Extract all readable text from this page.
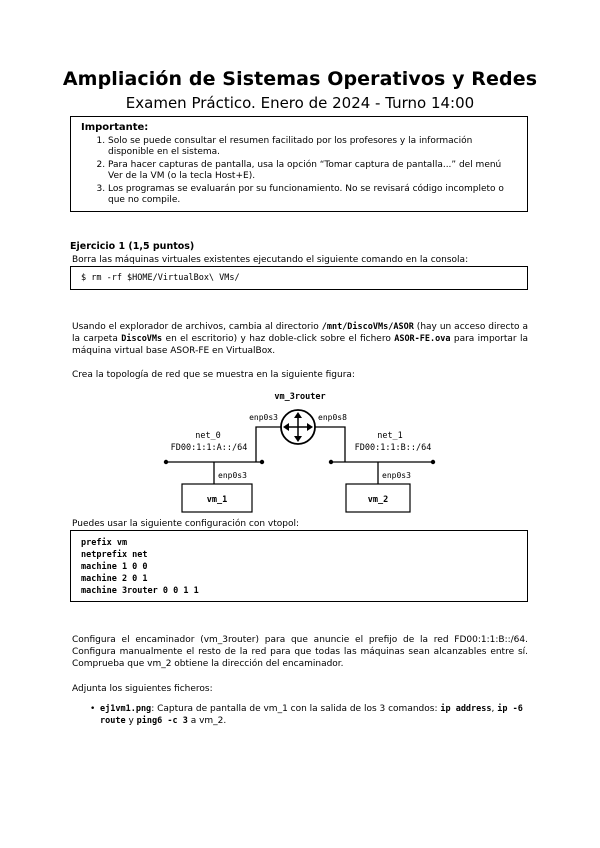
Ampliación de Sistemas Operativos y Redes
Examen Práctico. Enero de 2024 - Turno 14:00
Importante:
1. Solo se puede consultar el resumen facilitado por los profesores y la información disponible en el sistema.
2. Para hacer capturas de pantalla, usa la opción “Tomar captura de pantalla...” del menú Ver de la VM (o la tecla Host+E).
3. Los programas se evaluarán por su funcionamiento. No se revisará código incompleto o que no compile.
Ejercicio 1 (1,5 puntos)
Borra las máquinas virtuales existentes ejecutando el siguiente comando en la consola:
$ rm -rf $HOME/VirtualBox\ VMs/
Usando el explorador de archivos, cambia al directorio /mnt/DiscoVMs/ASOR (hay un acceso directo a la carpeta DiscoVMs en el escritorio) y haz doble-click sobre el fichero ASOR-FE.ova para importar la máquina virtual base ASOR-FE en VirtualBox.
Crea la topología de red que se muestra en la siguiente figura:
vm_3router
enp0s3	enp0s8
net_0
FD00:1:1:A::/64
net_1
FD00:1:1:B::/64
enp0s3
vm_1
enp0s3
vm_2
Puedes usar la siguiente configuración con vtopol:
prefix vm
netprefix net
machine 1 0 0
machine 2 0 1
machine 3router 0 0 1 1
Configura el encaminador (vm_3router) para que anuncie el prefijo de la red FD00:1:1:B::/64. Configura manualmente el resto de la red para que todas las máquinas sean alcanzables entre sí. Comprueba que vm_2 obtiene la dirección del encaminador.
Adjunta los siguientes ficheros:
• ej1vm1.png: Captura de pantalla de vm_1 con la salida de los 3 comandos: ip address, ip -6 route y ping6 -c 3 a vm_2.
